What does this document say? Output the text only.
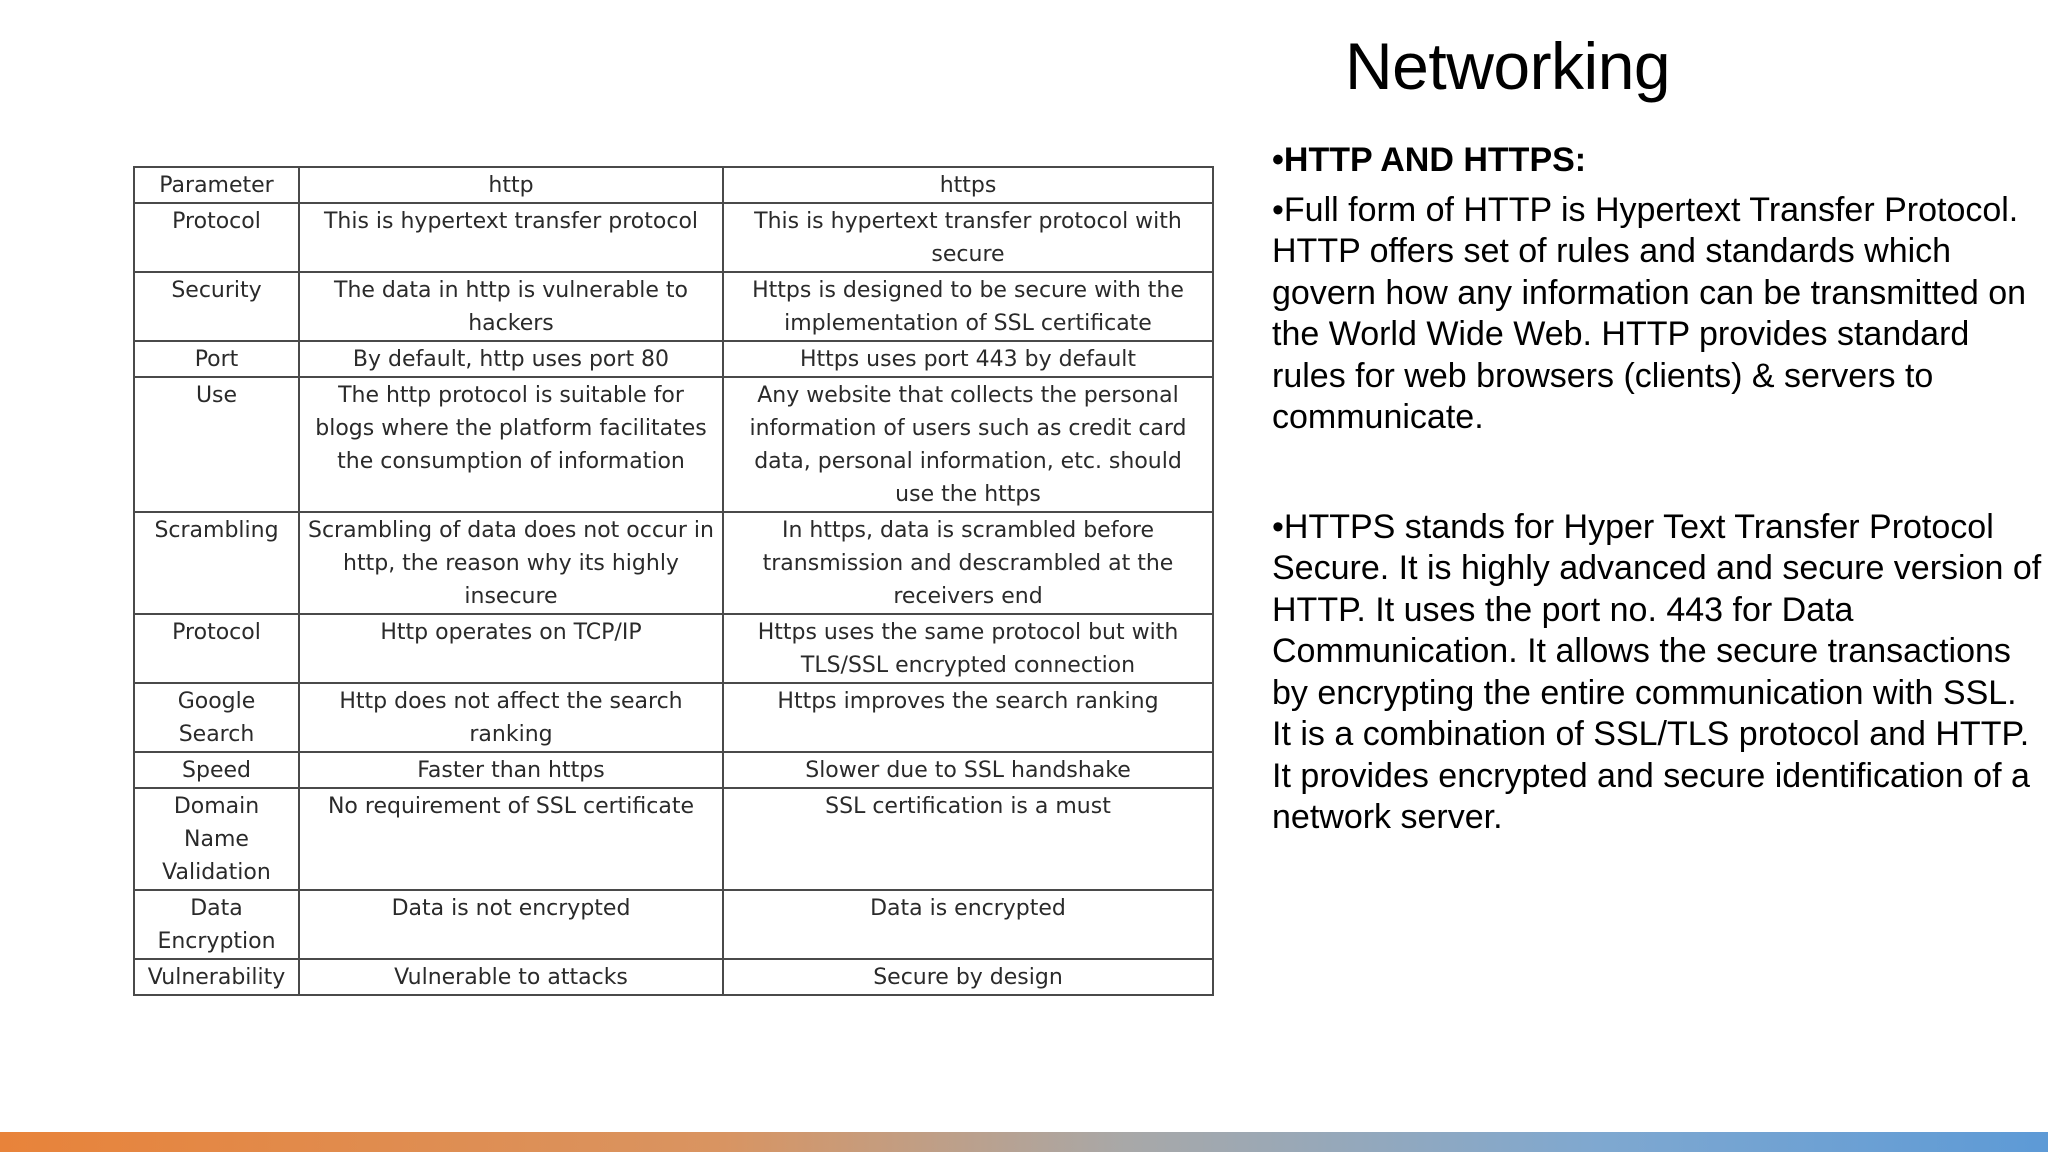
Networking
Parameter	http	https
Protocol	This is hypertext transfer protocol	This is hypertext transfer protocol with secure
Security	The data in http is vulnerable to hackers	Https is designed to be secure with the implementation of SSL certificate
Port	By default, http uses port 80	Https uses port 443 by default
Use	The http protocol is suitable for blogs where the platform facilitates the consumption of information	Any website that collects the personal information of users such as credit card data, personal information, etc. should use the https
Scrambling	Scrambling of data does not occur in http, the reason why its highly insecure	In https, data is scrambled before transmission and descrambled at the receivers end
Protocol	Http operates on TCP/IP	Https uses the same protocol but with TLS/SSL encrypted connection
Google Search	Http does not affect the search ranking	Https improves the search ranking
Speed	Faster than https	Slower due to SSL handshake
Domain Name Validation	No requirement of SSL certificate	SSL certification is a must
Data Encryption	Data is not encrypted	Data is encrypted
Vulnerability	Vulnerable to attacks	Secure by design

•HTTP AND HTTPS:

•Full form of HTTP is Hypertext Transfer Protocol. HTTP offers set of rules and standards which govern how any information can be transmitted on the World Wide Web. HTTP provides standard rules for web browsers (clients) & servers to communicate.

•HTTPS stands for Hyper Text Transfer Protocol Secure. It is highly advanced and secure version of HTTP. It uses the port no. 443 for Data Communication. It allows the secure transactions by encrypting the entire communication with SSL. It is a combination of SSL/TLS protocol and HTTP. It provides encrypted and secure identification of a network server.
